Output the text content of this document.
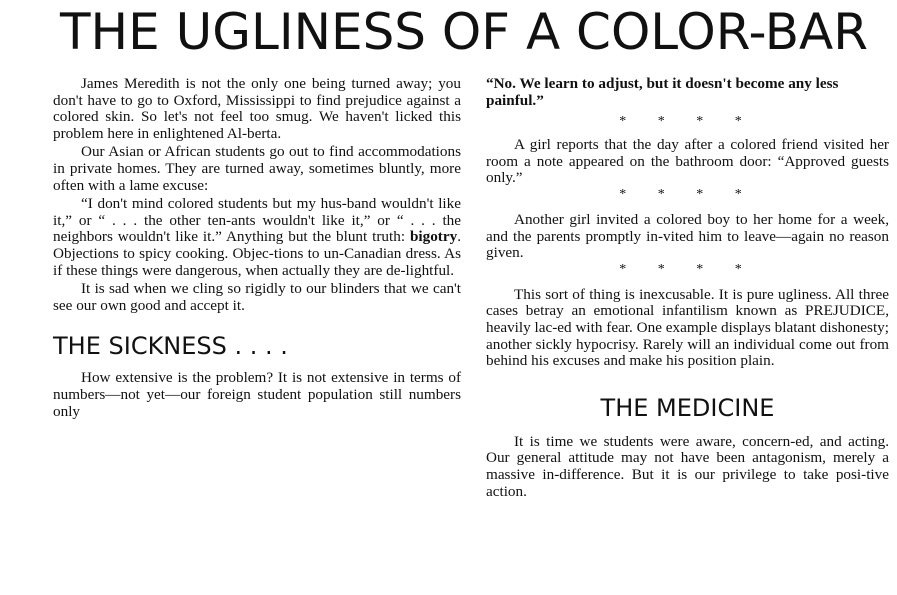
THE UGLINESS OF A COLOR-BAR

James Meredith is not the only one being turned away; you don't have to go to Oxford, Mississippi to find prejudice against a colored skin. So let's not feel too smug. We haven't licked this problem here in enlightened Al-berta.

Our Asian or African students go out to find accommodations in private homes. They are turned away, sometimes bluntly, more often with a lame excuse:

“I don't mind colored students but my hus-band wouldn't like it,” or “ . . . the other ten-ants wouldn't like it,” or “ . . . the neighbors wouldn't like it.” Anything but the blunt truth: bigotry. Objections to spicy cooking. Objec-tions to un-Canadian dress. As if these things were dangerous, when actually they are de-lightful.

It is sad when we cling so rigidly to our blinders that we can't see our own good and accept it.

THE SICKNESS . . . .

How extensive is the problem? It is not extensive in terms of numbers—not yet—our foreign student population still numbers only

“No. We learn to adjust, but it doesn't become any less painful.”

* * * *

A girl reports that the day after a colored friend visited her room a note appeared on the bathroom door: “Approved guests only.”

* * * *

Another girl invited a colored boy to her home for a week, and the parents promptly in-vited him to leave—again no reason given.

* * * *

This sort of thing is inexcusable. It is pure ugliness. All three cases betray an emotional infantilism known as PREJUDICE, heavily lac-ed with fear. One example displays blatant dishonesty; another sickly hypocrisy. Rarely will an individual come out from behind his excuses and make his position plain.

THE MEDICINE

It is time we students were aware, concern-ed, and acting. Our general attitude may not have been antagonism, merely a massive in-difference. But it is our privilege to take posi-tive action.
